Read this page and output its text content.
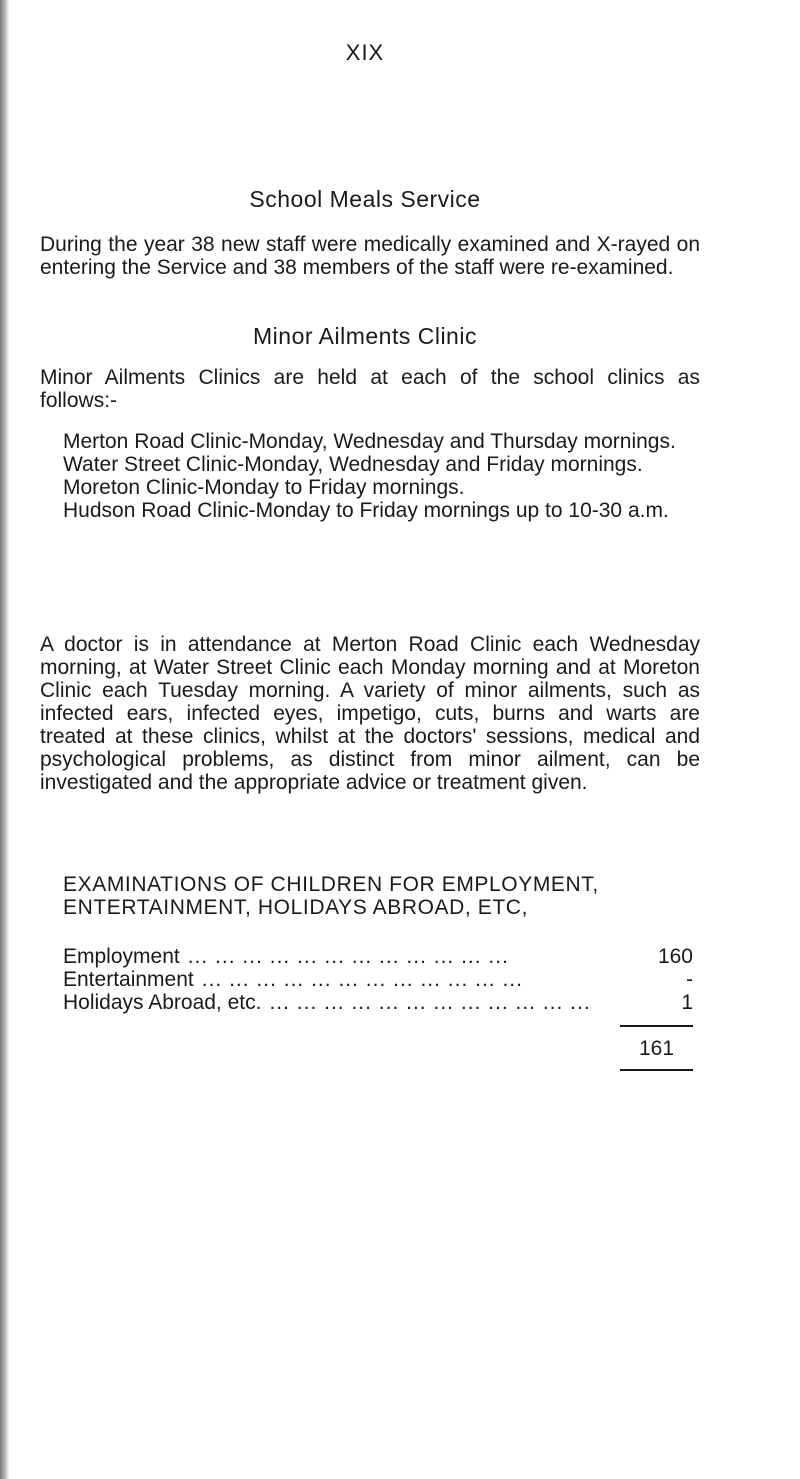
XIX
School Meals Service

During the year 38 new staff were medically examined and X-rayed on entering the Service and 38 members of the staff were re-examined.

Minor Ailments Clinic

Minor Ailments Clinics are held at each of the school clinics as follows:-

Merton Road Clinic-Monday, Wednesday and Thursday mornings.
Water Street Clinic-Monday, Wednesday and Friday mornings.
Moreton Clinic-Monday to Friday mornings.
Hudson Road Clinic-Monday to Friday mornings up to 10-30 a.m.

A doctor is in attendance at Merton Road Clinic each Wednesday morning, at Water Street Clinic each Monday morning and at Moreton Clinic each Tuesday morning. A variety of minor ailments, such as infected ears, infected eyes, impetigo, cuts, burns and warts are treated at these clinics, whilst at the doctors' sessions, medical and psychological problems, as distinct from minor ailment, can be investigated and the appropriate advice or treatment given.

EXAMINATIONS OF CHILDREN FOR EMPLOYMENT, ENTERTAINMENT, HOLIDAYS ABROAD, ETC,

Employment ... ... ... ... ... ... ... ... ... ... ... ...	160
Entertainment ... ... ... ... ... ... ... ... ... ... ... ...	-
Holidays Abroad, etc. ... ... ... ... ... ... ... ... ... ... ... ...	1
161
